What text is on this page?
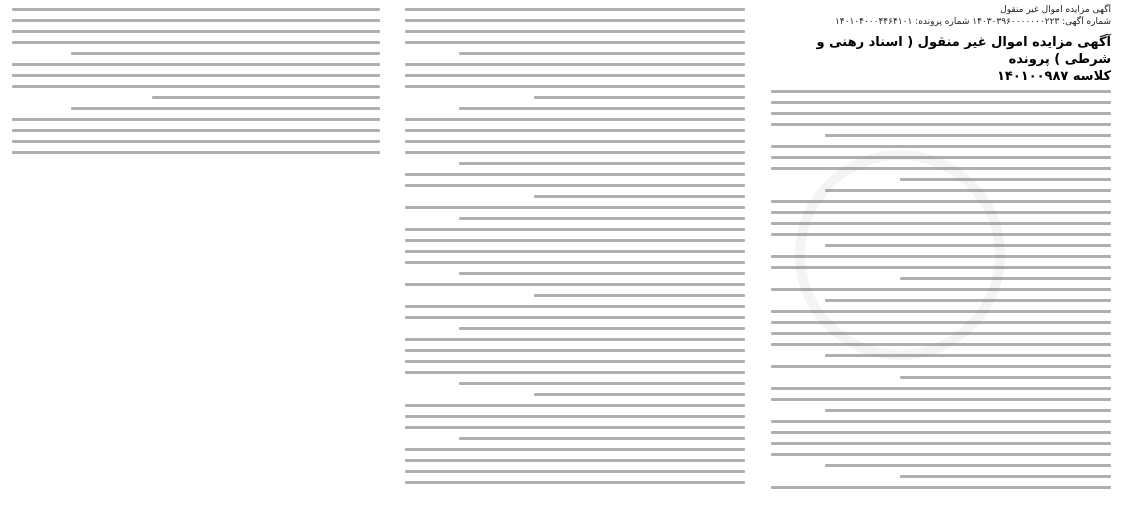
آگهی مزایده اموال غیر منقول
شماره آگهی: ۱۴۰۳۰۳۹۶۰۰۰۰۰۰۰۲۲۳ شماره پرونده: ۱۴۰۱۰۴۰۰۰۴۴۶۴۱۰۱
آگهی مزایده اموال غیر منقول ( اسناد رهنی و شرطی ) پرونده
کلاسه ۱۴۰۱۰۰۹۸۷
